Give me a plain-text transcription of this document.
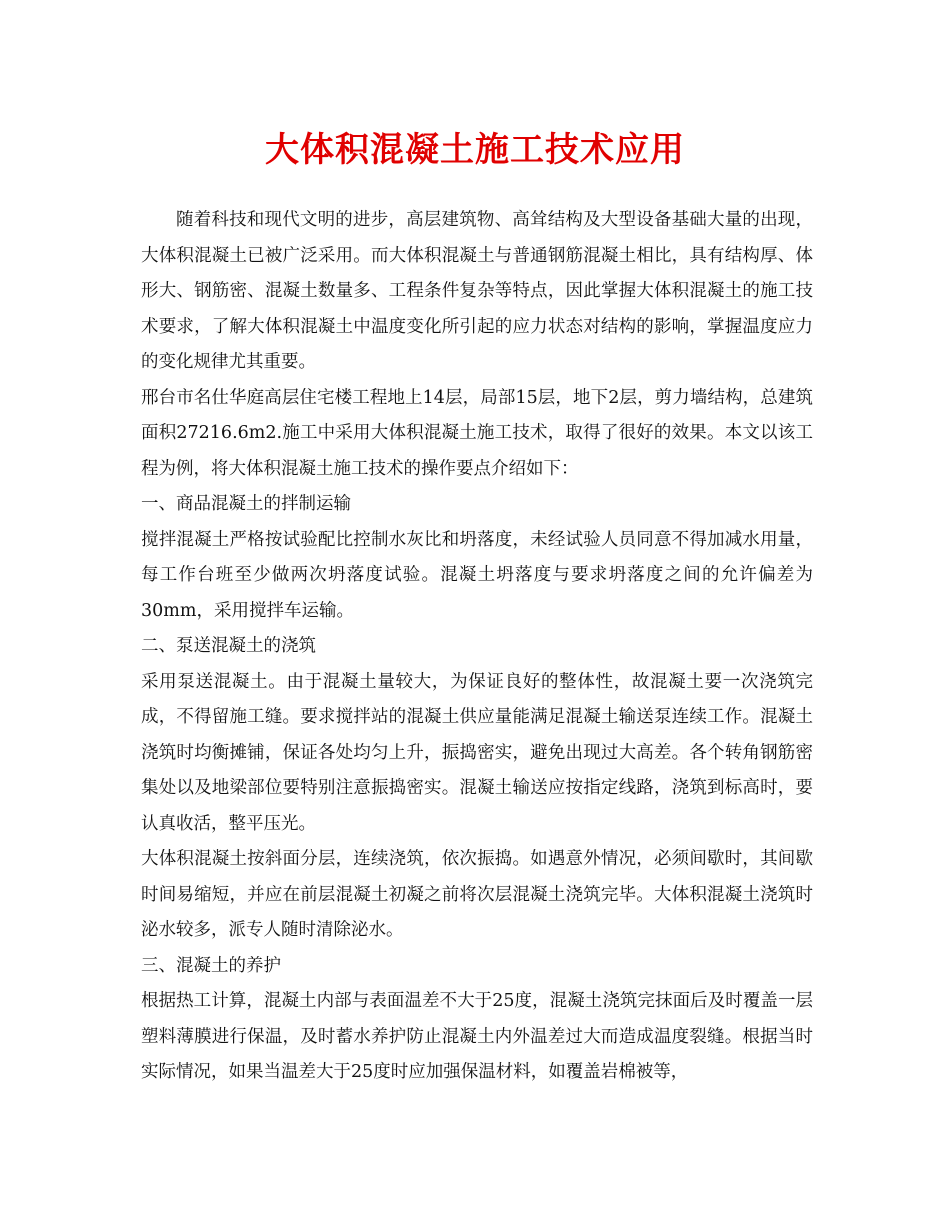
大体积混凝土施工技术应用

随着科技和现代文明的进步，高层建筑物、高耸结构及大型设备基础大量的出现，大体积混凝土已被广泛采用。而大体积混凝土与普通钢筋混凝土相比，具有结构厚、体形大、钢筋密、混凝土数量多、工程条件复杂等特点，因此掌握大体积混凝土的施工技术要求，了解大体积混凝土中温度变化所引起的应力状态对结构的影响，掌握温度应力的变化规律尤其重要。

邢台市名仕华庭高层住宅楼工程地上14层，局部15层，地下2层，剪力墙结构，总建筑面积27216.6m2.施工中采用大体积混凝土施工技术，取得了很好的效果。本文以该工程为例，将大体积混凝土施工技术的操作要点介绍如下：

一、商品混凝土的拌制运输

搅拌混凝土严格按试验配比控制水灰比和坍落度，未经试验人员同意不得加减水用量，每工作台班至少做两次坍落度试验。混凝土坍落度与要求坍落度之间的允许偏差为30mm，采用搅拌车运输。

二、泵送混凝土的浇筑

采用泵送混凝土。由于混凝土量较大，为保证良好的整体性，故混凝土要一次浇筑完成，不得留施工缝。要求搅拌站的混凝土供应量能满足混凝土输送泵连续工作。混凝土浇筑时均衡摊铺，保证各处均匀上升，振捣密实，避免出现过大高差。各个转角钢筋密集处以及地梁部位要特别注意振捣密实。混凝土输送应按指定线路，浇筑到标高时，要认真收活，整平压光。

大体积混凝土按斜面分层，连续浇筑，依次振捣。如遇意外情况，必须间歇时，其间歇时间易缩短，并应在前层混凝土初凝之前将次层混凝土浇筑完毕。大体积混凝土浇筑时泌水较多，派专人随时清除泌水。

三、混凝土的养护

根据热工计算，混凝土内部与表面温差不大于25度，混凝土浇筑完抹面后及时覆盖一层塑料薄膜进行保温，及时蓄水养护防止混凝土内外温差过大而造成温度裂缝。根据当时实际情况，如果当温差大于25度时应加强保温材料，如覆盖岩棉被等，
